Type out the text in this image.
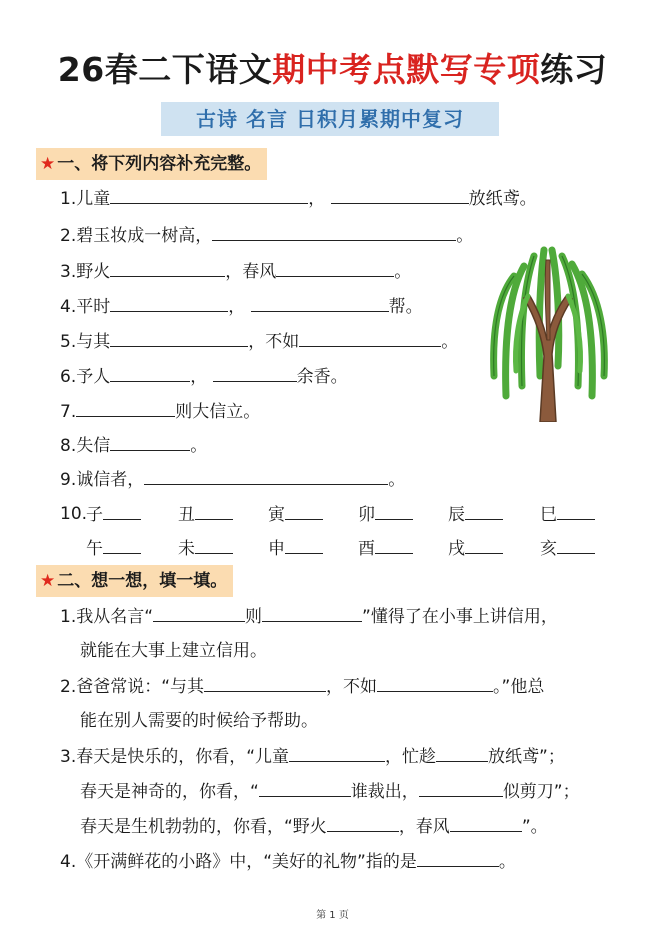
26春二下语文期中考点默写专项练习
古诗 名言 日积月累期中复习
★ 一、将下列内容补充完整。
1.儿童	，	放纸鸢。
2.碧玉妆成一树高，	。
3.野火	，春风	。
4.平时	，	帮。
5.与其	，不如	。
6.予人	，	余香。
7.	则大信立。
8.失信	。
9.诚信者，	。
10.
子	丑	寅	卯	辰	巳
午	未	申	酉	戌	亥
★ 二、想一想，填一填。
1.我从名言“	则	”懂得了在小事上讲信用，
就能在大事上建立信用。
2.爸爸常说：“与其	，不如	。”他总
能在别人需要的时候给予帮助。
3.春天是快乐的，你看，“儿童	，忙趁	放纸鸢”；
春天是神奇的，你看，“	谁裁出，	似剪刀”；
春天是生机勃勃的，你看，“野火	，春风	”。
4.《开满鲜花的小路》中，“美好的礼物”指的是	。
第 1 页
